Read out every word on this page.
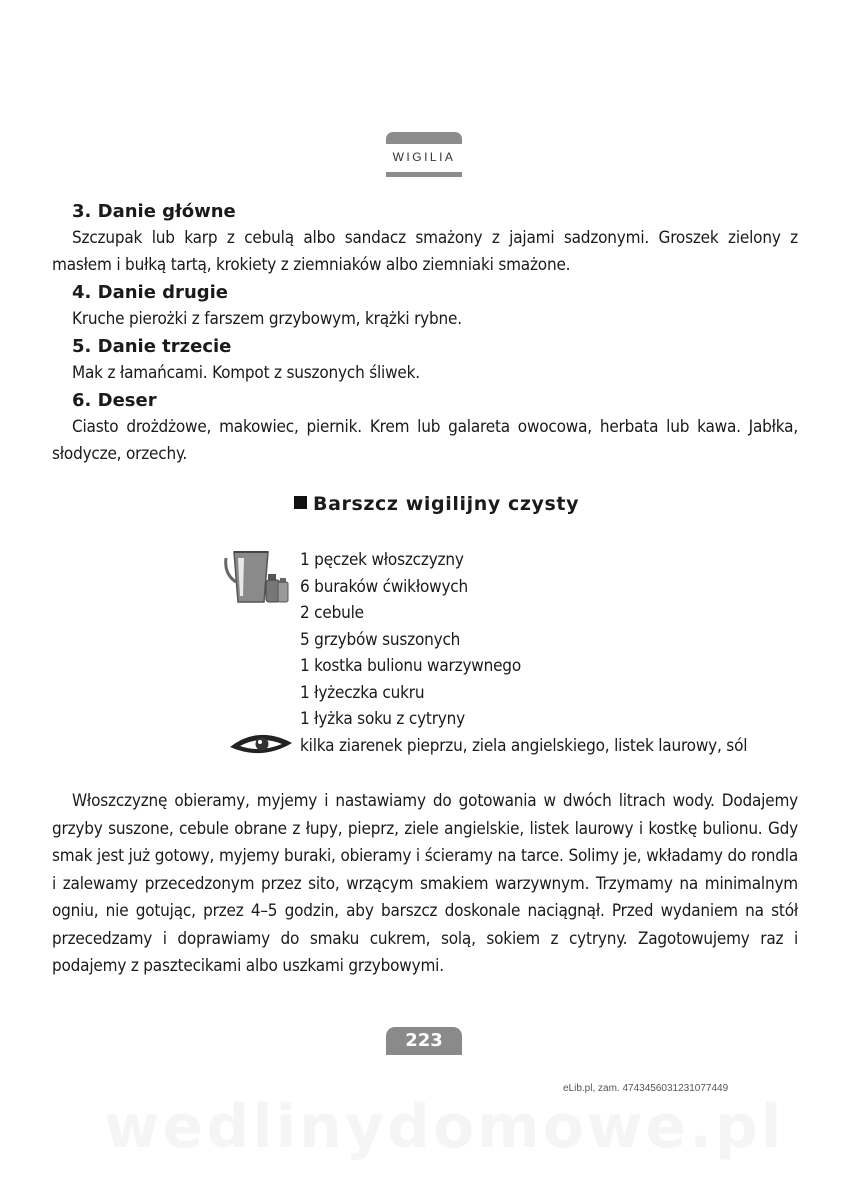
WIGILIA
3. Danie główne

Szczupak lub karp z cebulą albo sandacz smażony z jajami sadzonymi. Groszek zielony z masłem i bułką tartą, krokiety z ziemniaków albo ziemniaki smażone.

4. Danie drugie

Kruche pierożki z farszem grzybowym, krążki rybne.

5. Danie trzecie

Mak z łamańcami. Kompot z suszonych śliwek.

6. Deser

Ciasto drożdżowe, makowiec, piernik. Krem lub galareta owocowa, herbata lub kawa. Jabłka, słodycze, orzechy.

Barszcz wigilijny czysty
1 pęczek włoszczyzny
6 buraków ćwikłowych
2 cebule
5 grzybów suszonych
1 kostka bulionu warzywnego
1 łyżeczka cukru
1 łyżka soku z cytryny
kilka ziarenek pieprzu, ziela angielskiego, listek laurowy, sól

Włoszczyznę obieramy, myjemy i nastawiamy do gotowania w dwóch litrach wody. Dodajemy grzyby suszone, cebule obrane z łupy, pieprz, ziele angielskie, listek laurowy i kostkę bulionu. Gdy smak jest już gotowy, myjemy buraki, obieramy i ścieramy na tarce. Solimy je, wkładamy do rondla i zalewamy przecedzonym przez sito, wrzącym smakiem warzywnym. Trzymamy na minimalnym ogniu, nie gotując, przez 4–5 godzin, aby barszcz doskonale naciągnął. Przed wydaniem na stół przecedzamy i doprawiamy do smaku cukrem, solą, sokiem z cytryny. Zagotowujemy raz i podajemy z pasztecikami albo uszkami grzybowymi.

223
eLib.pl, zam. 4743456031231077449
wedlinydomowe.pl
